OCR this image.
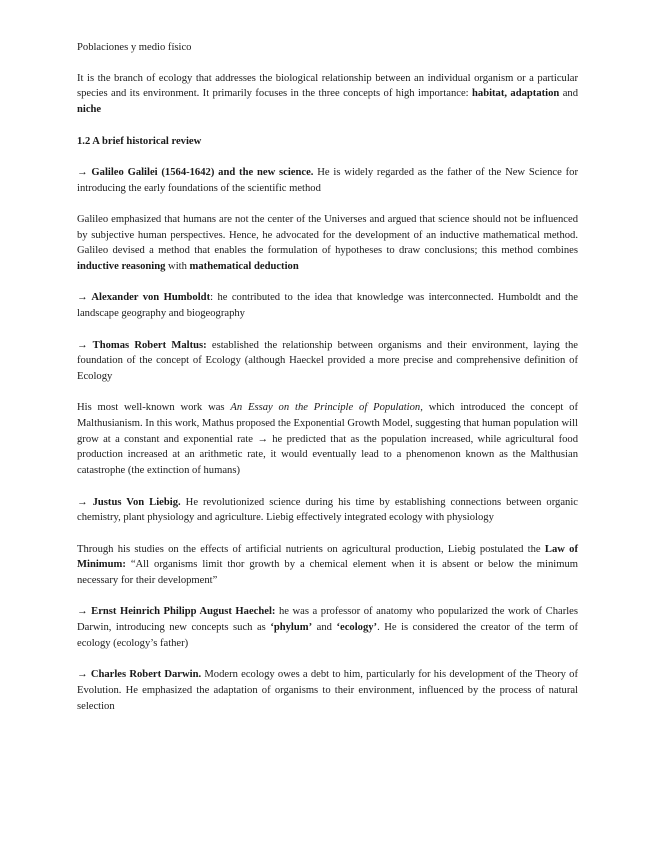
Poblaciones y medio físico

It is the branch of ecology that addresses the biological relationship between an individual organism or a particular species and its environment. It primarily focuses in the three concepts of high importance: habitat, adaptation and niche

1.2 A brief historical review

→ Galileo Galilei (1564-1642) and the new science. He is widely regarded as the father of the New Science for introducing the early foundations of the scientific method

Galileo emphasized that humans are not the center of the Universes and argued that science should not be influenced by subjective human perspectives. Hence, he advocated for the development of an inductive mathematical method. Galileo devised a method that enables the formulation of hypotheses to draw conclusions; this method combines inductive reasoning with mathematical deduction

→ Alexander von Humboldt: he contributed to the idea that knowledge was interconnected. Humboldt and the landscape geography and biogeography

→ Thomas Robert Maltus: established the relationship between organisms and their environment, laying the foundation of the concept of Ecology (although Haeckel provided a more precise and comprehensive definition of Ecology

His most well-known work was An Essay on the Principle of Population, which introduced the concept of Malthusianism. In this work, Mathus proposed the Exponential Growth Model, suggesting that human population will grow at a constant and exponential rate → he predicted that as the population increased, while agricultural food production increased at an arithmetic rate, it would eventually lead to a phenomenon known as the Malthusian catastrophe (the extinction of humans)

→ Justus Von Liebig. He revolutionized science during his time by establishing connections between organic chemistry, plant physiology and agriculture. Liebig effectively integrated ecology with physiology

Through his studies on the effects of artificial nutrients on agricultural production, Liebig postulated the Law of Minimum: “All organisms limit thor growth by a chemical element when it is absent or below the minimum necessary for their development”

→ Ernst Heinrich Philipp August Haechel: he was a professor of anatomy who popularized the work of Charles Darwin, introducing new concepts such as ‘phylum’ and ‘ecology’. He is considered the creator of the term of ecology (ecology’s father)

→ Charles Robert Darwin. Modern ecology owes a debt to him, particularly for his development of the Theory of Evolution. He emphasized the adaptation of organisms to their environment, influenced by the process of natural selection
